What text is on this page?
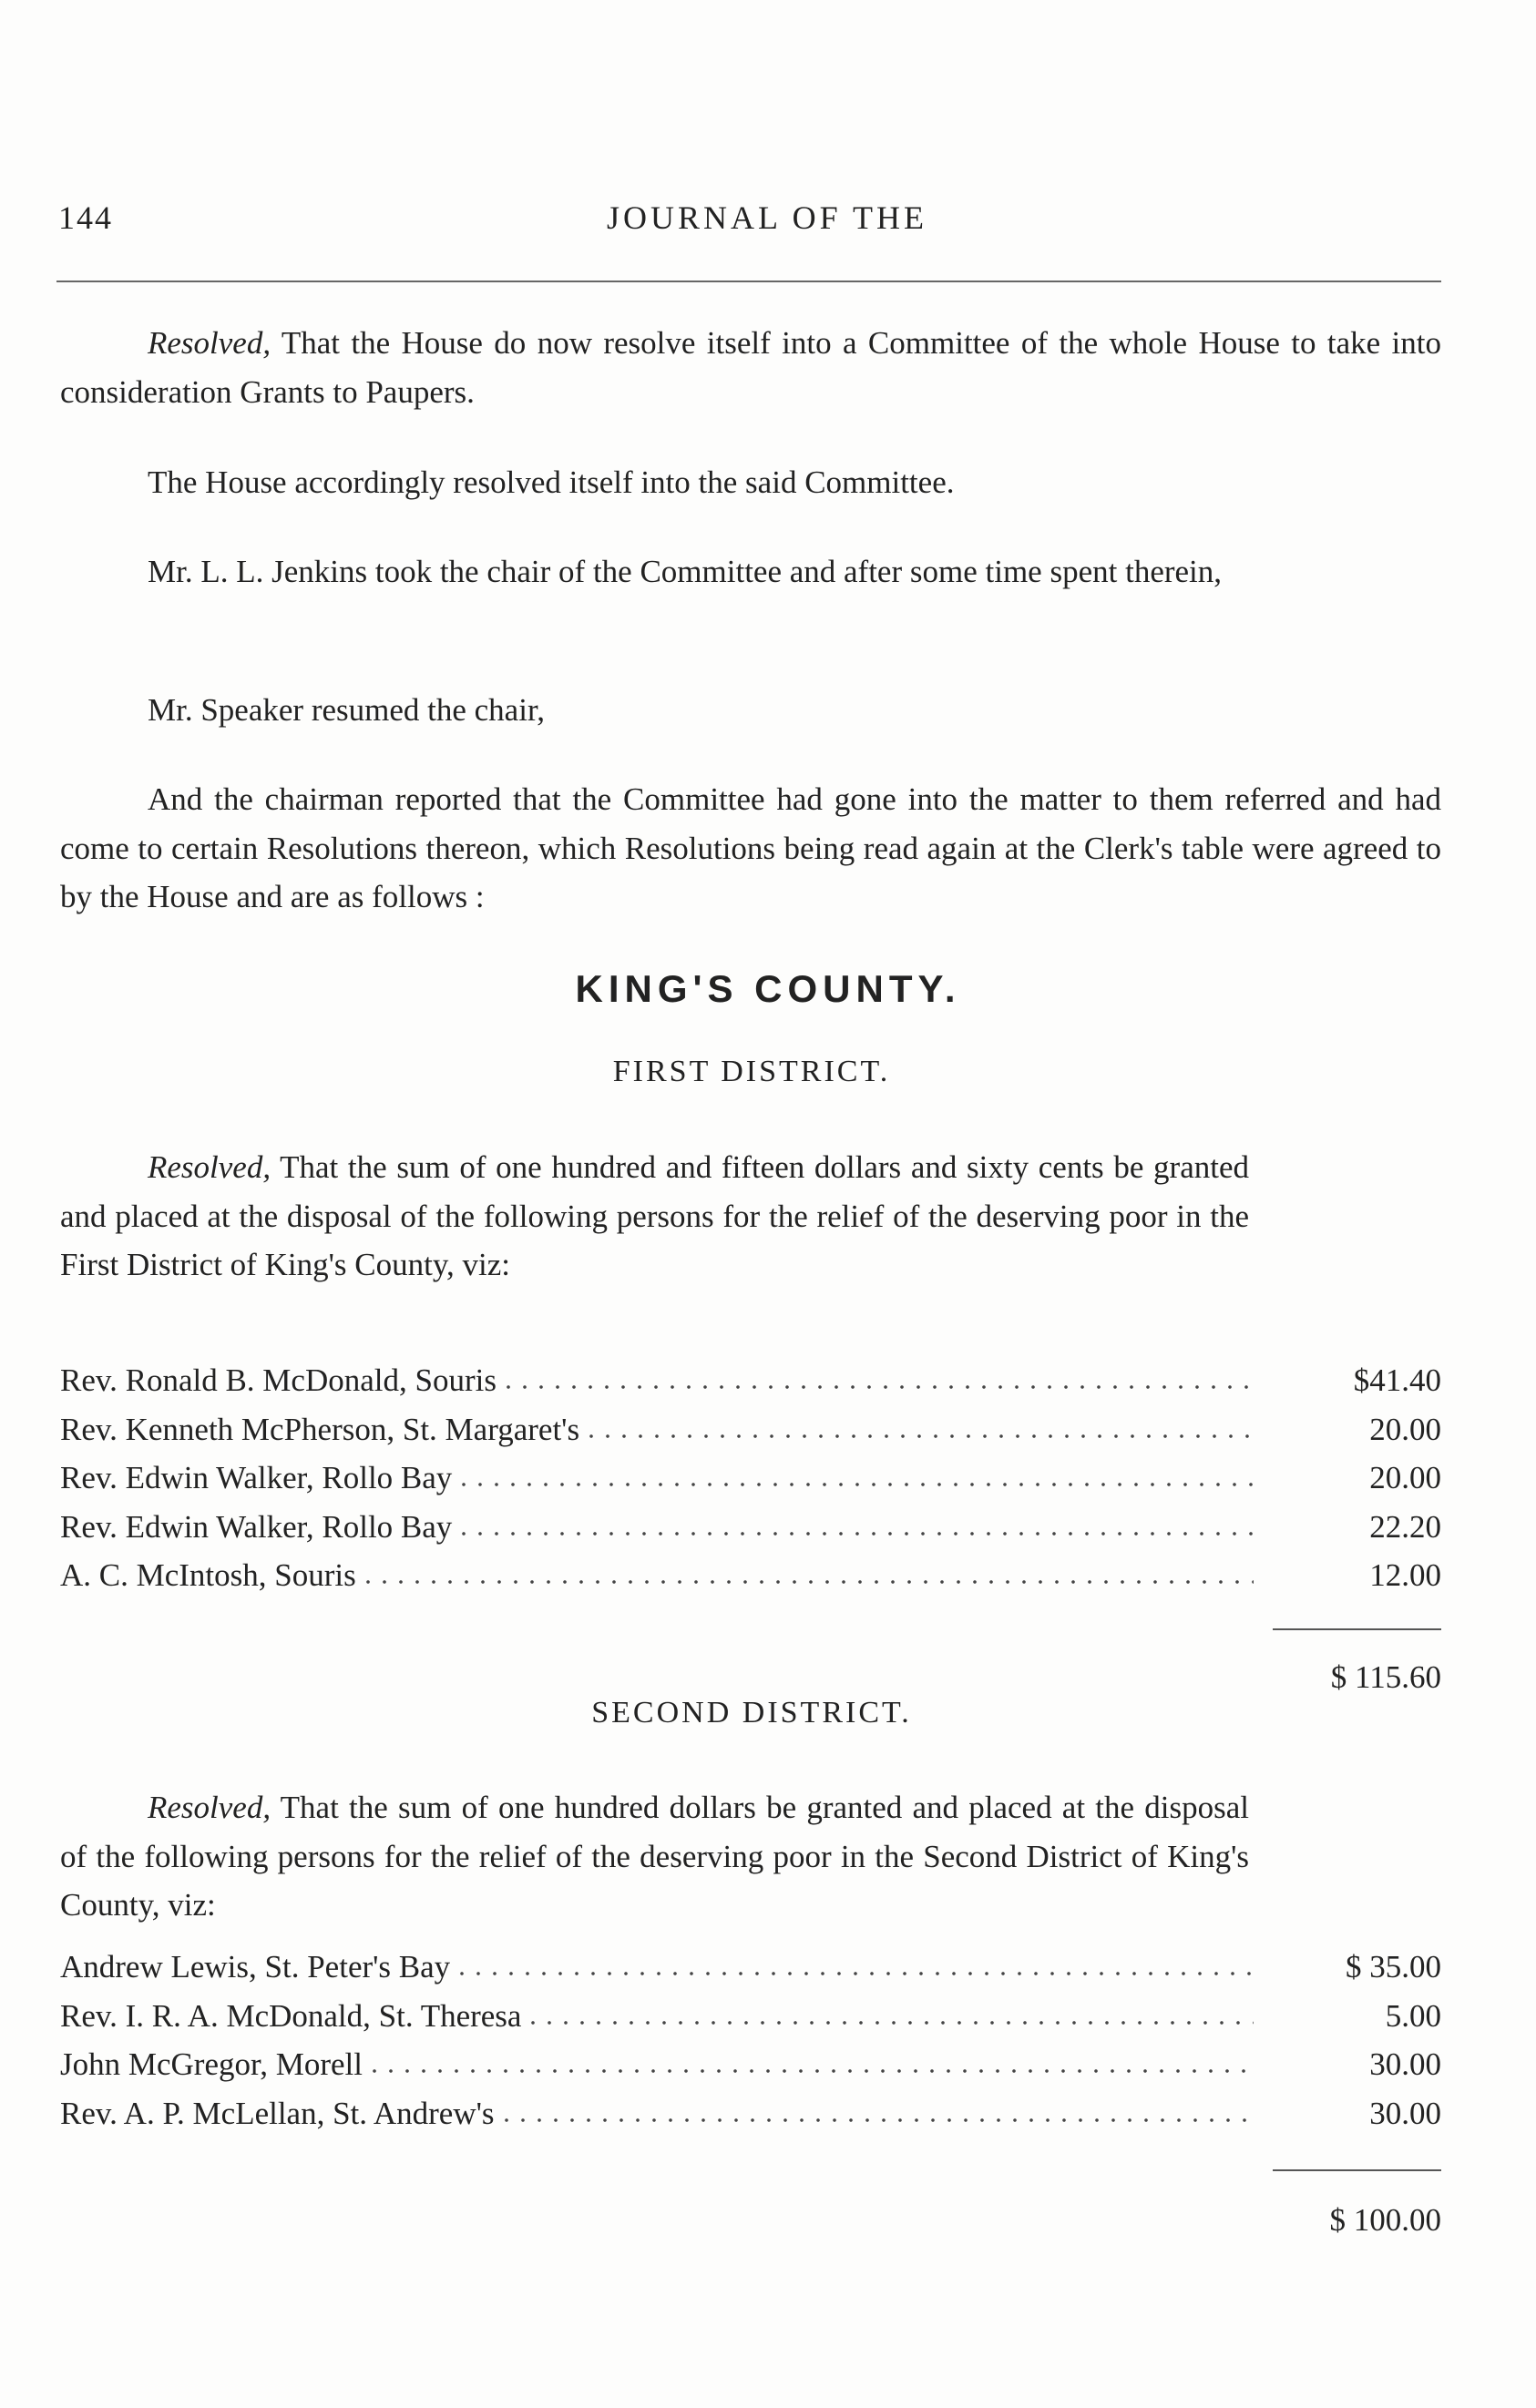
144	JOURNAL OF THE

Resolved, That the House do now resolve itself into a Committee of the whole House to take into consideration Grants to Paupers.

The House accordingly resolved itself into the said Committee.

Mr. L. L. Jenkins took the chair of the Committee and after some time spent therein,

Mr. Speaker resumed the chair,

And the chairman reported that the Committee had gone into the matter to them referred and had come to certain Resolutions thereon, which Resolutions being read again at the Clerk's table were agreed to by the House and are as follows :

KING'S COUNTY.
FIRST DISTRICT.

Resolved, That the sum of one hundred and fifteen dollars and sixty cents be granted and placed at the disposal of the following persons for the relief of the deserving poor in the First District of King's County, viz:

Rev. Ronald B. McDonald, Souris	$41.40
Rev. Kenneth McPherson, St. Margaret's	20.00
Rev. Edwin Walker, Rollo Bay	20.00
Rev. Edwin Walker, Rollo Bay	22.20
A. C. McIntosh, Souris	12.00
$ 115.60
SECOND DISTRICT.

Resolved, That the sum of one hundred dollars be granted and placed at the disposal of the following persons for the relief of the deserving poor in the Second District of King's County, viz:

Andrew Lewis, St. Peter's Bay	$ 35.00
Rev. I. R. A. McDonald, St. Theresa	5.00
John McGregor, Morell	30.00
Rev. A. P. McLellan, St. Andrew's	30.00
$ 100.00
